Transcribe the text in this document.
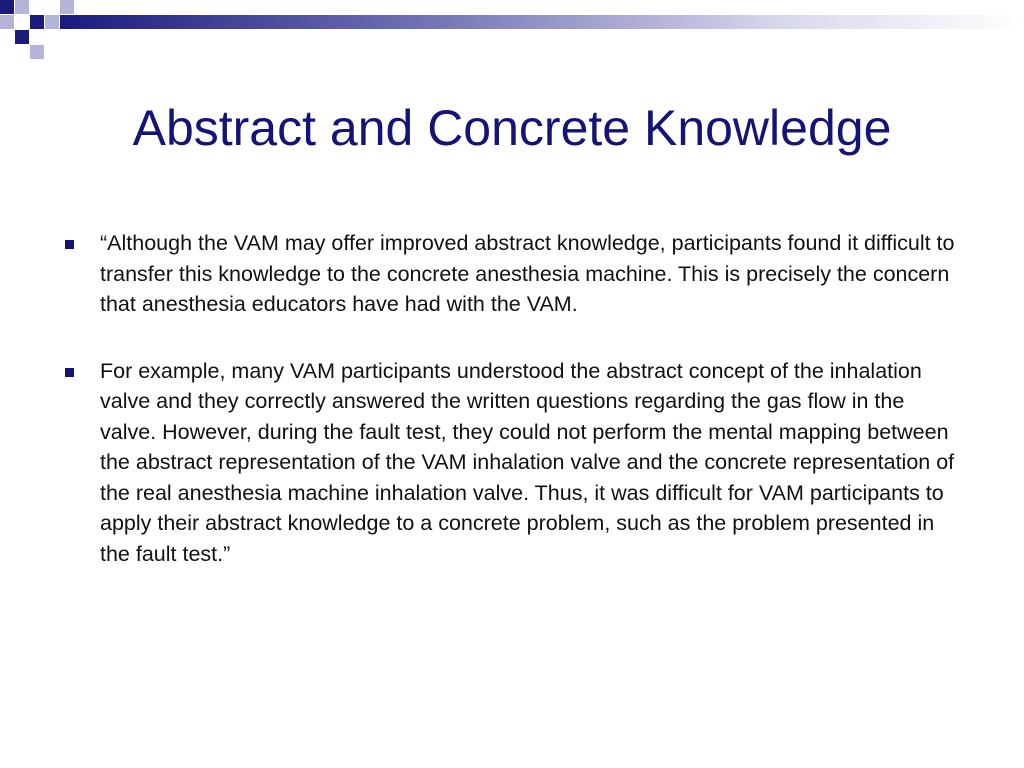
Abstract and Concrete Knowledge
“Although the VAM may offer improved abstract knowledge, participants found it difficult to transfer this knowledge to the concrete anesthesia machine. This is precisely the concern that anesthesia educators have had with the VAM.
For example, many VAM participants understood the abstract concept of the inhalation valve and they correctly answered the written questions regarding the gas flow in the valve. However, during the fault test, they could not perform the mental mapping between the abstract representation of the VAM inhalation valve and the concrete representation of the real anesthesia machine inhalation valve. Thus, it was difficult for VAM participants to apply their abstract knowledge to a concrete problem, such as the problem presented in the fault test.”
